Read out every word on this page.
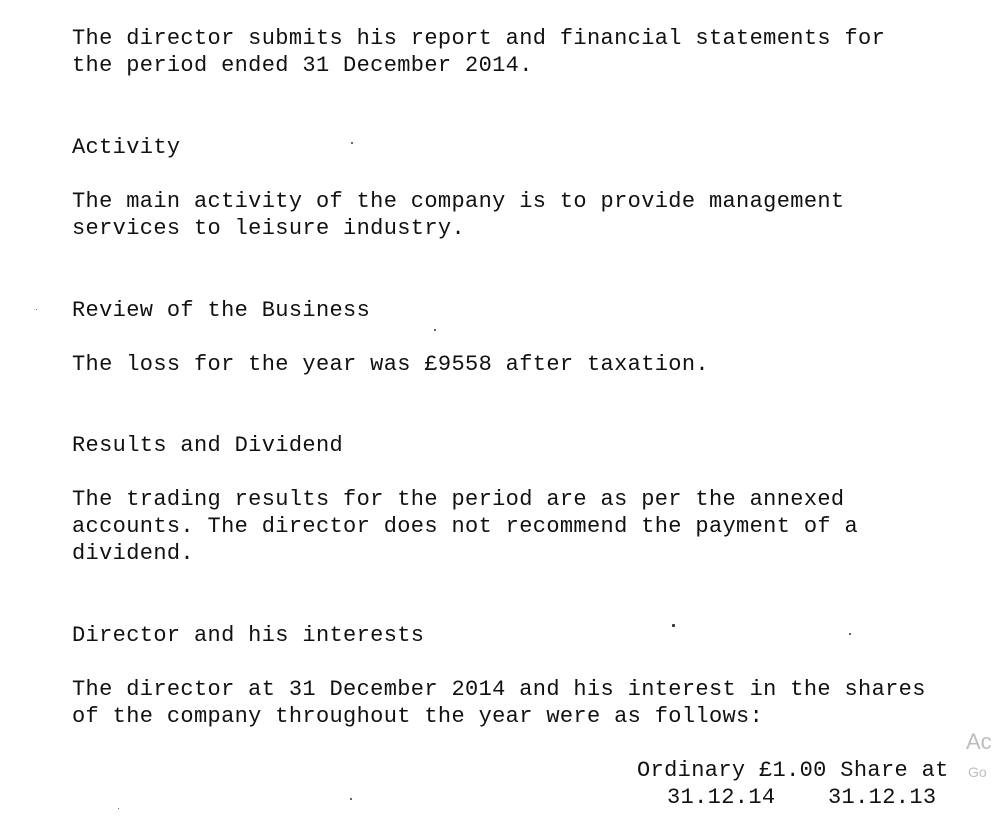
The director submits his report and financial statements for
the period ended 31 December 2014.
Activity
The main activity of the company is to provide management
services to leisure industry.
Review of the Business
The loss for the year was £9558 after taxation.
Results and Dividend
The trading results for the period are as per the annexed
accounts. The director does not recommend the payment of a
dividend.
Director and his interests
The director at 31 December 2014 and his interest in the shares
of the company throughout the year were as follows:
Ordinary £1.00 Share at
31.12.14 31.12.13
Ac
Go
